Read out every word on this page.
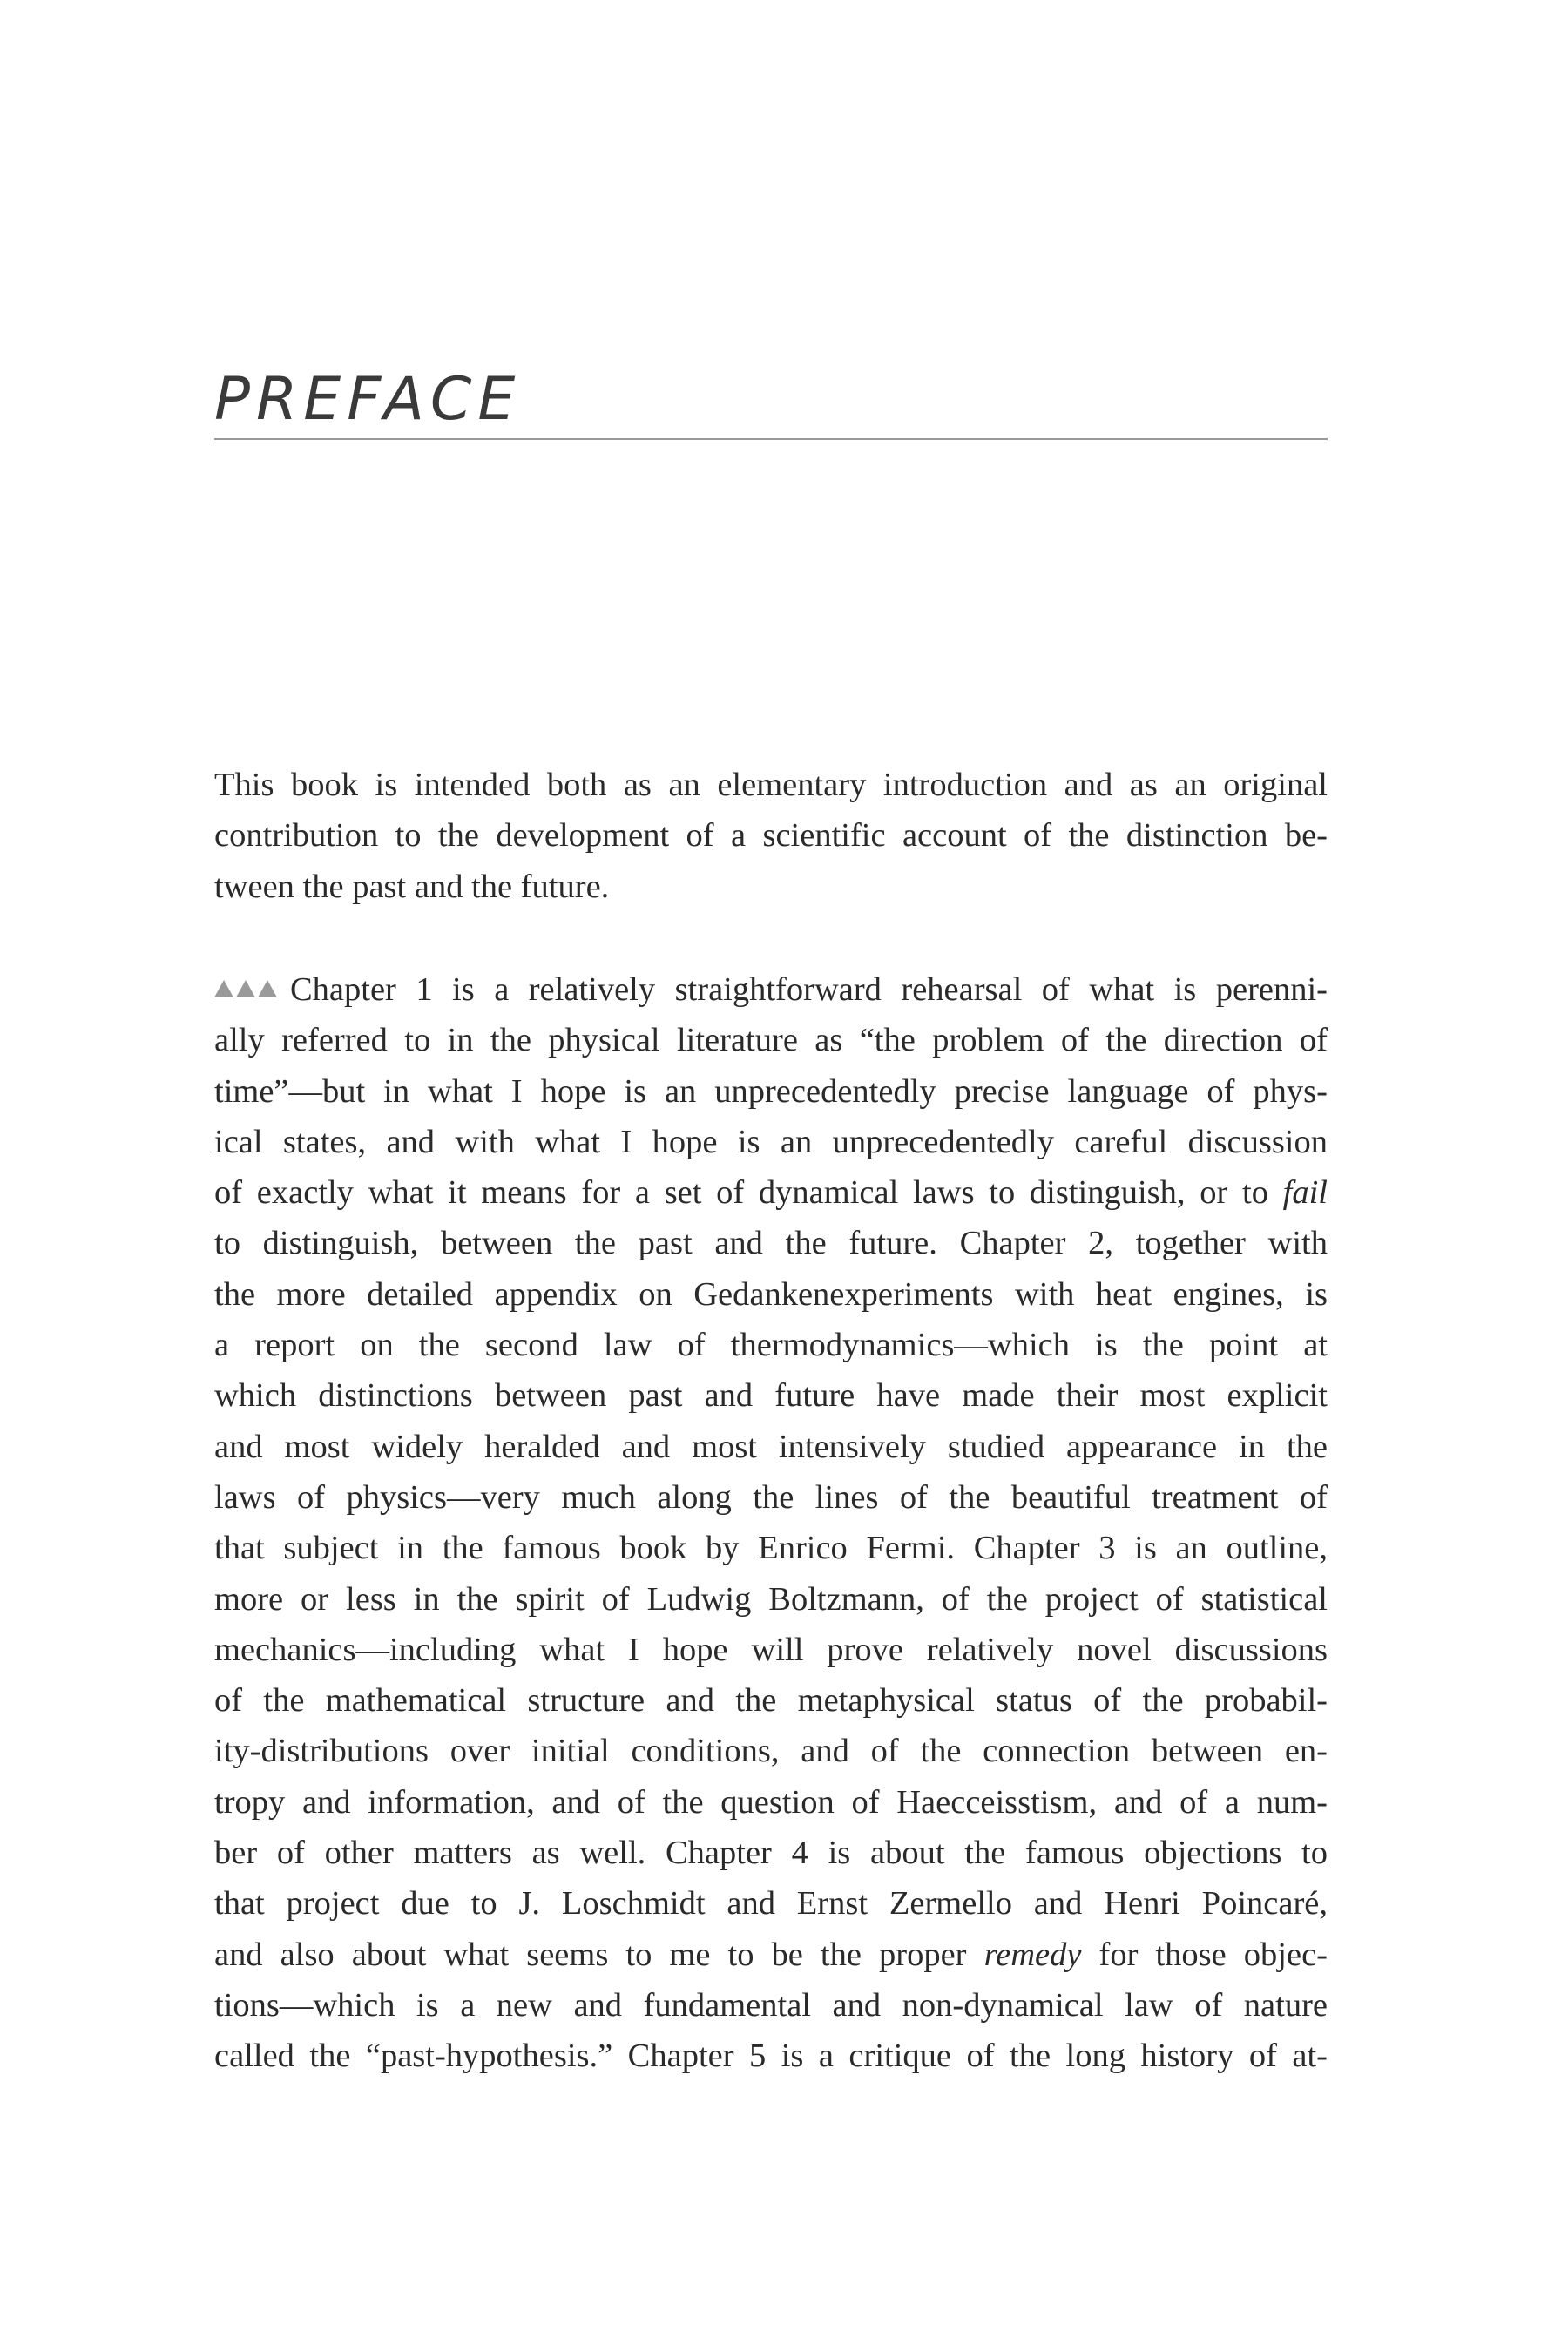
PREFACE
This book is intended both as an elementary introduction and as an original
contribution to the development of a scientific account of the distinction be-
tween the past and the future.
Chapter 1 is a relatively straightforward rehearsal of what is perenni-
ally referred to in the physical literature as “the problem of the direction of
time”—but in what I hope is an unprecedentedly precise language of phys-
ical states, and with what I hope is an unprecedentedly careful discussion
of exactly what it means for a set of dynamical laws to distinguish, or to fail
to distinguish, between the past and the future. Chapter 2, together with
the more detailed appendix on Gedankenexperiments with heat engines, is
a report on the second law of thermodynamics—which is the point at
which distinctions between past and future have made their most explicit
and most widely heralded and most intensively studied appearance in the
laws of physics—very much along the lines of the beautiful treatment of
that subject in the famous book by Enrico Fermi. Chapter 3 is an outline,
more or less in the spirit of Ludwig Boltzmann, of the project of statistical
mechanics—including what I hope will prove relatively novel discussions
of the mathematical structure and the metaphysical status of the probabil-
ity-distributions over initial conditions, and of the connection between en-
tropy and information, and of the question of Haecceisstism, and of a num-
ber of other matters as well. Chapter 4 is about the famous objections to
that project due to J. Loschmidt and Ernst Zermello and Henri Poincaré,
and also about what seems to me to be the proper remedy for those objec-
tions—which is a new and fundamental and non-dynamical law of nature
called the “past-hypothesis.” Chapter 5 is a critique of the long history of at-
